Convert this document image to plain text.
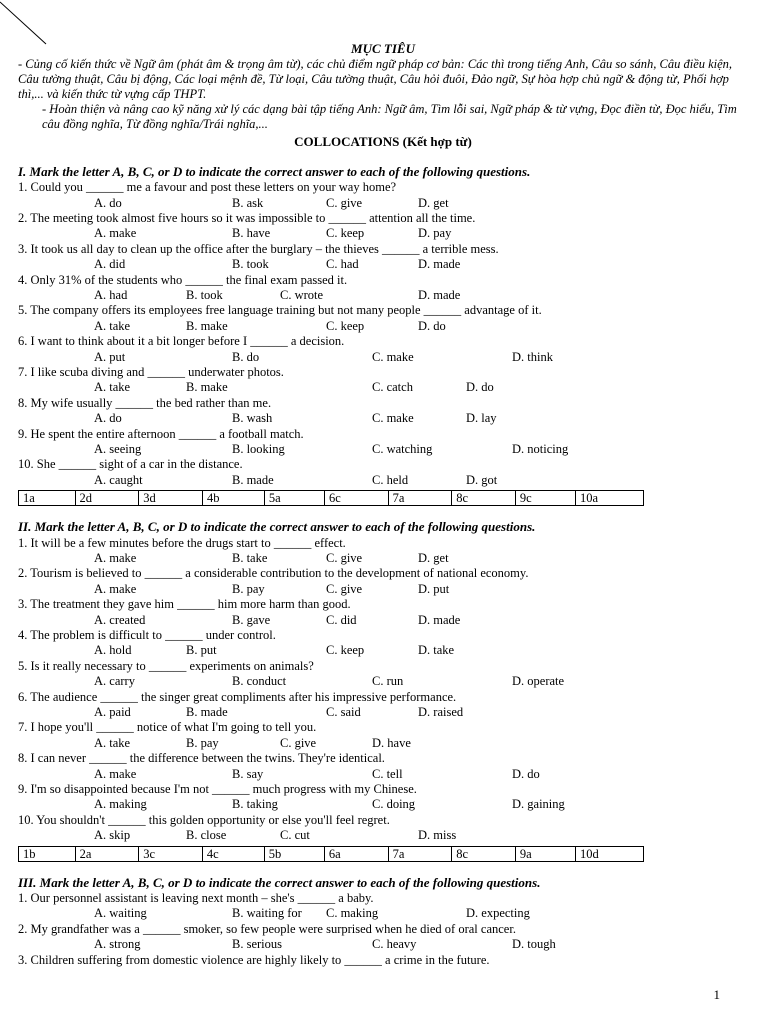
MỤC TIÊU

- Củng cố kiến thức về Ngữ âm (phát âm & trọng âm từ), các chủ điểm ngữ pháp cơ bản: Các thì trong tiếng Anh, Câu so sánh, Câu điều kiện, Câu tường thuật, Câu bị động, Các loại mệnh đề, Từ loại, Câu tường thuật, Câu hỏi đuôi, Đảo ngữ, Sự hòa hợp chủ ngữ & động từ, Phối hợp thì,... và kiến thức từ vựng cấp THPT.

- Hoàn thiện và nâng cao kỹ năng xử lý các dạng bài tập tiếng Anh: Ngữ âm, Tìm lỗi sai, Ngữ pháp & từ vựng, Đọc điền từ, Đọc hiểu, Tìm câu đồng nghĩa, Từ đồng nghĩa/Trái nghĩa,...

COLLOCATIONS (Kết hợp từ)
I. Mark the letter A, B, C, or D to indicate the correct answer to each of the following questions.
1. Could you ______ me a favour and post these letters on your way home?
A. do	B. ask	C. give	D. get
2. The meeting took almost five hours so it was impossible to ______ attention all the time.
A. make	B. have	C. keep	D. pay
3. It took us all day to clean up the office after the burglary – the thieves ______ a terrible mess.
A. did	B. took	C. had	D. made
4. Only 31% of the students who ______ the final exam passed it.
A. had	B. took	C. wrote	D. made
5. The company offers its employees free language training but not many people ______ advantage of it.
A. take	B. make	C. keep	D. do
6. I want to think about it a bit longer before I ______ a decision.
A. put	B. do	C. make	D. think
7. I like scuba diving and ______ underwater photos.
A. take	B. make	C. catch	D. do
8. My wife usually ______ the bed rather than me.
A. do	B. wash	C. make	D. lay
9. He spent the entire afternoon ______ a football match.
A. seeing	B. looking	C. watching	D. noticing
10. She ______ sight of a car in the distance.
A. caught	B. made	C. held	D. got
1a	2d	3d	4b	5a	6c	7a	8c	9c	10a
II. Mark the letter A, B, C, or D to indicate the correct answer to each of the following questions.
1. It will be a few minutes before the drugs start to ______ effect.
A. make	B. take	C. give	D. get
2. Tourism is believed to ______ a considerable contribution to the development of national economy.
A. make	B. pay	C. give	D. put
3. The treatment they gave him ______ him more harm than good.
A. created	B. gave	C. did	D. made
4. The problem is difficult to ______ under control.
A. hold	B. put	C. keep	D. take
5. Is it really necessary to ______ experiments on animals?
A. carry	B. conduct	C. run	D. operate
6. The audience ______ the singer great compliments after his impressive performance.
A. paid	B. made	C. said	D. raised
7. I hope you'll ______ notice of what I'm going to tell you.
A. take	B. pay	C. give	D. have
8. I can never ______ the difference between the twins. They're identical.
A. make	B. say	C. tell	D. do
9. I'm so disappointed because I'm not ______ much progress with my Chinese.
A. making	B. taking	C. doing	D. gaining
10. You shouldn't ______ this golden opportunity or else you'll feel regret.
A. skip	B. close	C. cut	D. miss
1b	2a	3c	4c	5b	6a	7a	8c	9a	10d
III. Mark the letter A, B, C, or D to indicate the correct answer to each of the following questions.
1. Our personnel assistant is leaving next month – she's ______ a baby.
A. waiting	B. waiting for C. making	D. expecting
2. My grandfather was a ______ smoker, so few people were surprised when he died of oral cancer.
A. strong	B. serious	C. heavy	D. tough
3. Children suffering from domestic violence are highly likely to ______ a crime in the future.
1
